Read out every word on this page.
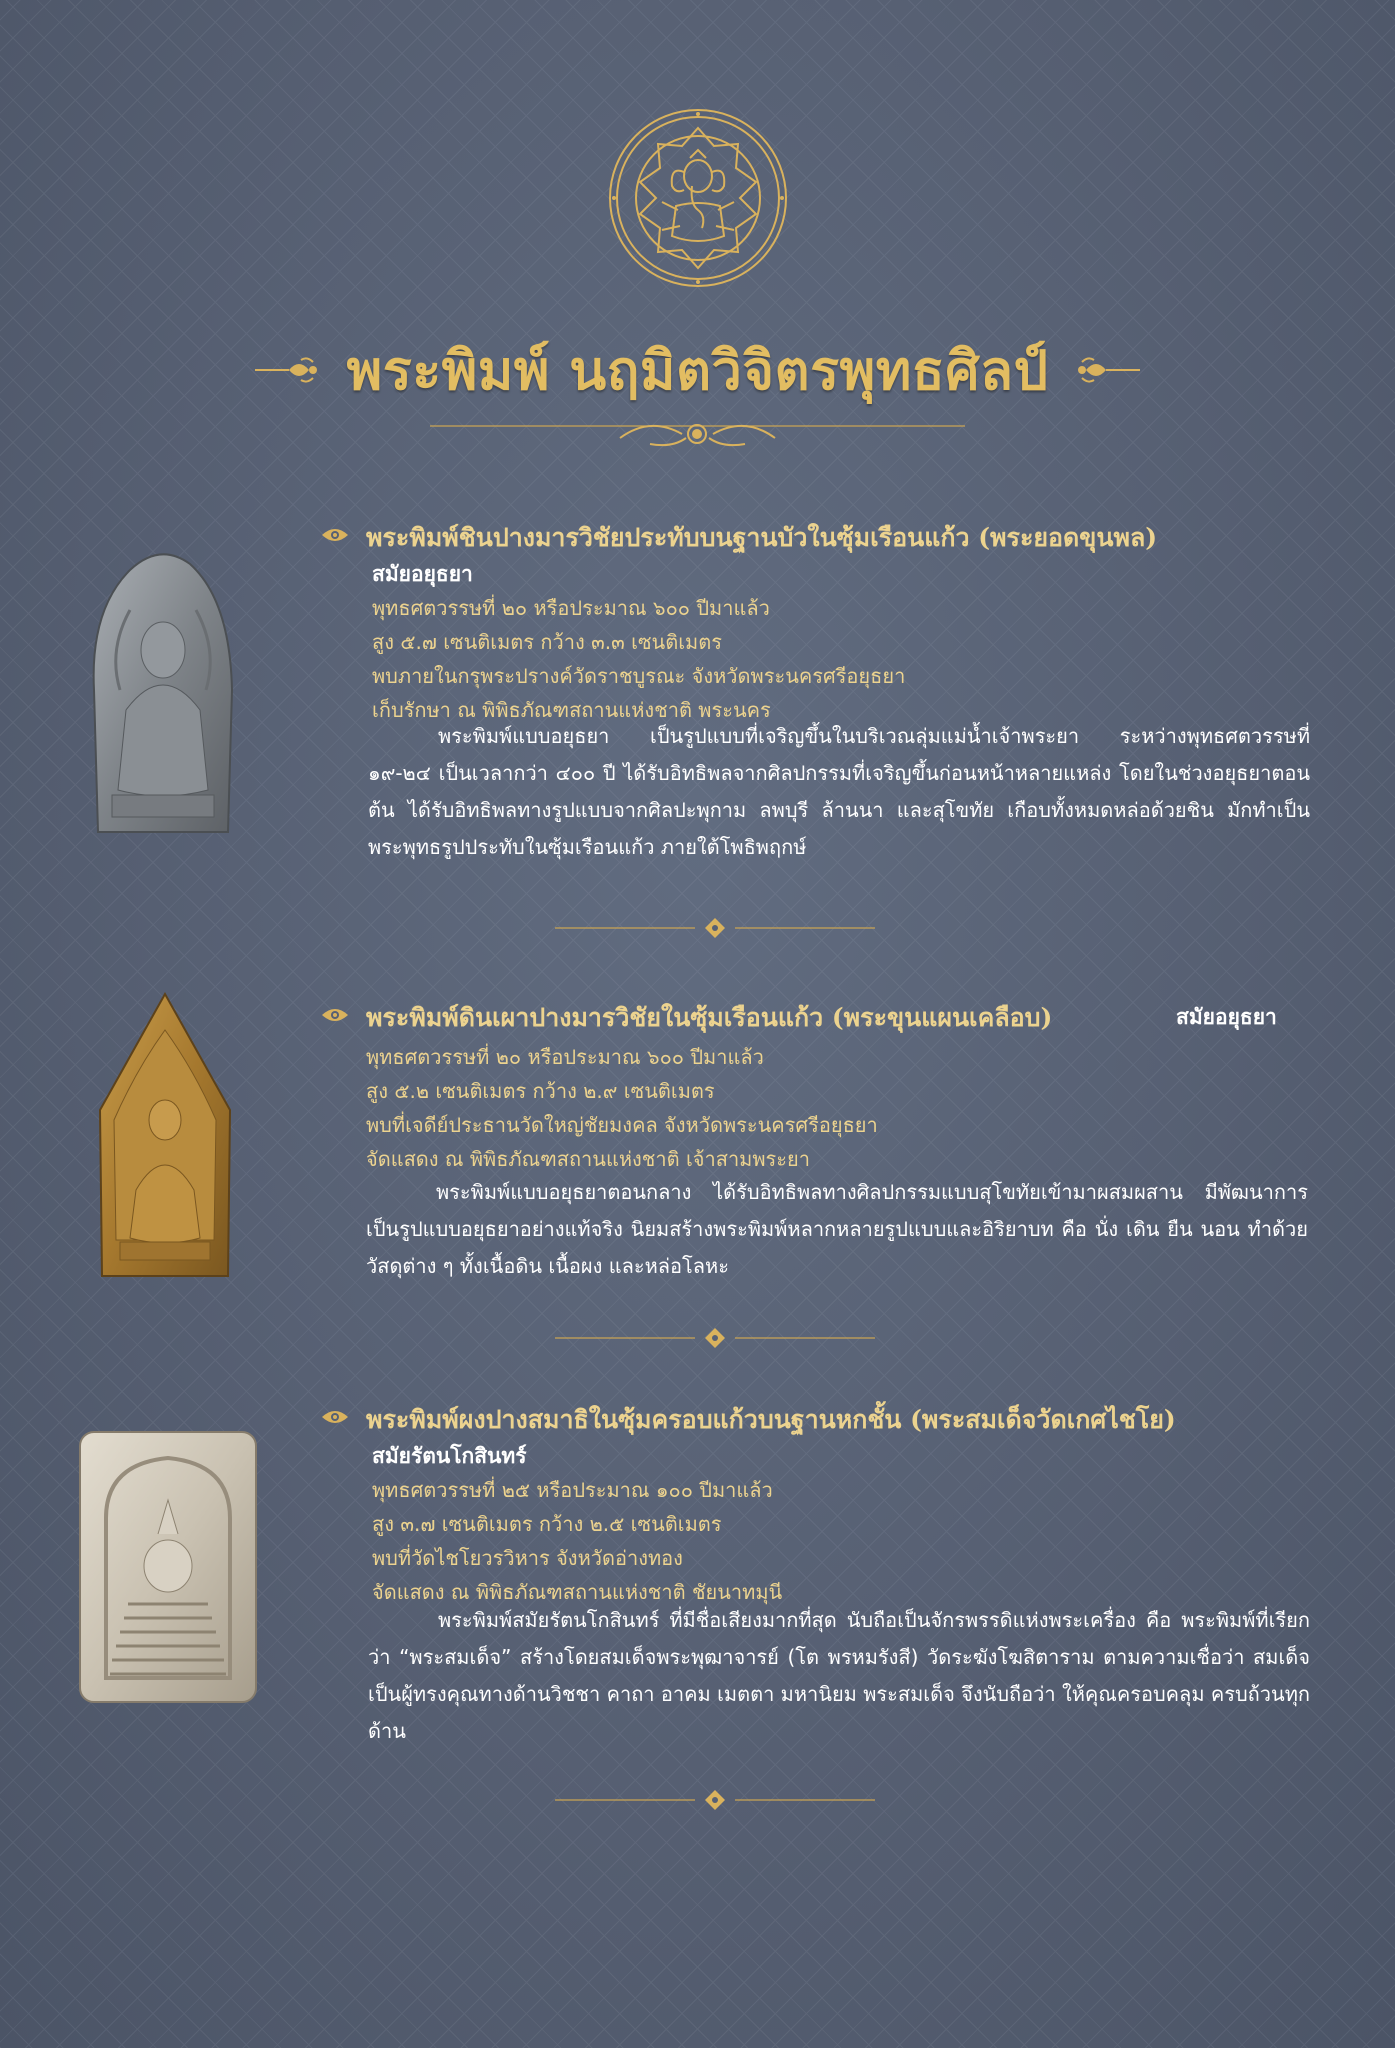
พระพิมพ์ นฤมิตวิจิตรพุทธศิลป์
พระพิมพ์ชินปางมารวิชัยประทับบนฐานบัวในซุ้มเรือนแก้ว (พระยอดขุนพล)
สมัยอยุธยา
พุทธศตวรรษที่ ๒๐ หรือประมาณ ๖๐๐ ปีมาแล้ว
สูง ๕.๗ เซนติเมตร กว้าง ๓.๓ เซนติเมตร
พบภายในกรุพระปรางค์วัดราชบูรณะ จังหวัดพระนครศรีอยุธยา
เก็บรักษา ณ พิพิธภัณฑสถานแห่งชาติ พระนคร
พระพิมพ์แบบอยุธยา เป็นรูปแบบที่เจริญขึ้นในบริเวณลุ่มแม่น้ำเจ้าพระยา ระหว่างพุทธศตวรรษที่ ๑๙-๒๔ เป็นเวลากว่า ๔๐๐ ปี ได้รับอิทธิพลจากศิลปกรรมที่เจริญขึ้นก่อนหน้าหลายแหล่ง โดยในช่วงอยุธยาตอนต้น ได้รับอิทธิพลทางรูปแบบจากศิลปะพุกาม ลพบุรี ล้านนา และสุโขทัย เกือบทั้งหมดหล่อด้วยชิน มักทำเป็นพระพุทธรูปประทับในซุ้มเรือนแก้ว ภายใต้โพธิพฤกษ์
พระพิมพ์ดินเผาปางมารวิชัยในซุ้มเรือนแก้ว (พระขุนแผนเคลือบ)	สมัยอยุธยา
พุทธศตวรรษที่ ๒๐ หรือประมาณ ๖๐๐ ปีมาแล้ว
สูง ๕.๒ เซนติเมตร กว้าง ๒.๙ เซนติเมตร
พบที่เจดีย์ประธานวัดใหญ่ชัยมงคล จังหวัดพระนครศรีอยุธยา
จัดแสดง ณ พิพิธภัณฑสถานแห่งชาติ เจ้าสามพระยา
พระพิมพ์แบบอยุธยาตอนกลาง ได้รับอิทธิพลทางศิลปกรรมแบบสุโขทัยเข้ามาผสมผสาน มีพัฒนาการเป็นรูปแบบอยุธยาอย่างแท้จริง นิยมสร้างพระพิมพ์หลากหลายรูปแบบและอิริยาบท คือ นั่ง เดิน ยืน นอน ทำด้วยวัสดุต่าง ๆ ทั้งเนื้อดิน เนื้อผง และหล่อโลหะ
พระพิมพ์ผงปางสมาธิในซุ้มครอบแก้วบนฐานหกชั้น (พระสมเด็จวัดเกศไชโย)
สมัยรัตนโกสินทร์
พุทธศตวรรษที่ ๒๕ หรือประมาณ ๑๐๐ ปีมาแล้ว
สูง ๓.๗ เซนติเมตร กว้าง ๒.๕ เซนติเมตร
พบที่วัดไชโยวรวิหาร จังหวัดอ่างทอง
จัดแสดง ณ พิพิธภัณฑสถานแห่งชาติ ชัยนาทมุนี
พระพิมพ์สมัยรัตนโกสินทร์ ที่มีชื่อเสียงมากที่สุด นับถือเป็นจักรพรรดิแห่งพระเครื่อง คือ พระพิมพ์ที่เรียกว่า “พระสมเด็จ” สร้างโดยสมเด็จพระพุฒาจารย์ (โต พรหมรังสี) วัดระฆังโฆสิตาราม ตามความเชื่อว่า สมเด็จเป็นผู้ทรงคุณทางด้านวิชชา คาถา อาคม เมตตา มหานิยม พระสมเด็จ จึงนับถือว่า ให้คุณครอบคลุม ครบถ้วนทุกด้าน
